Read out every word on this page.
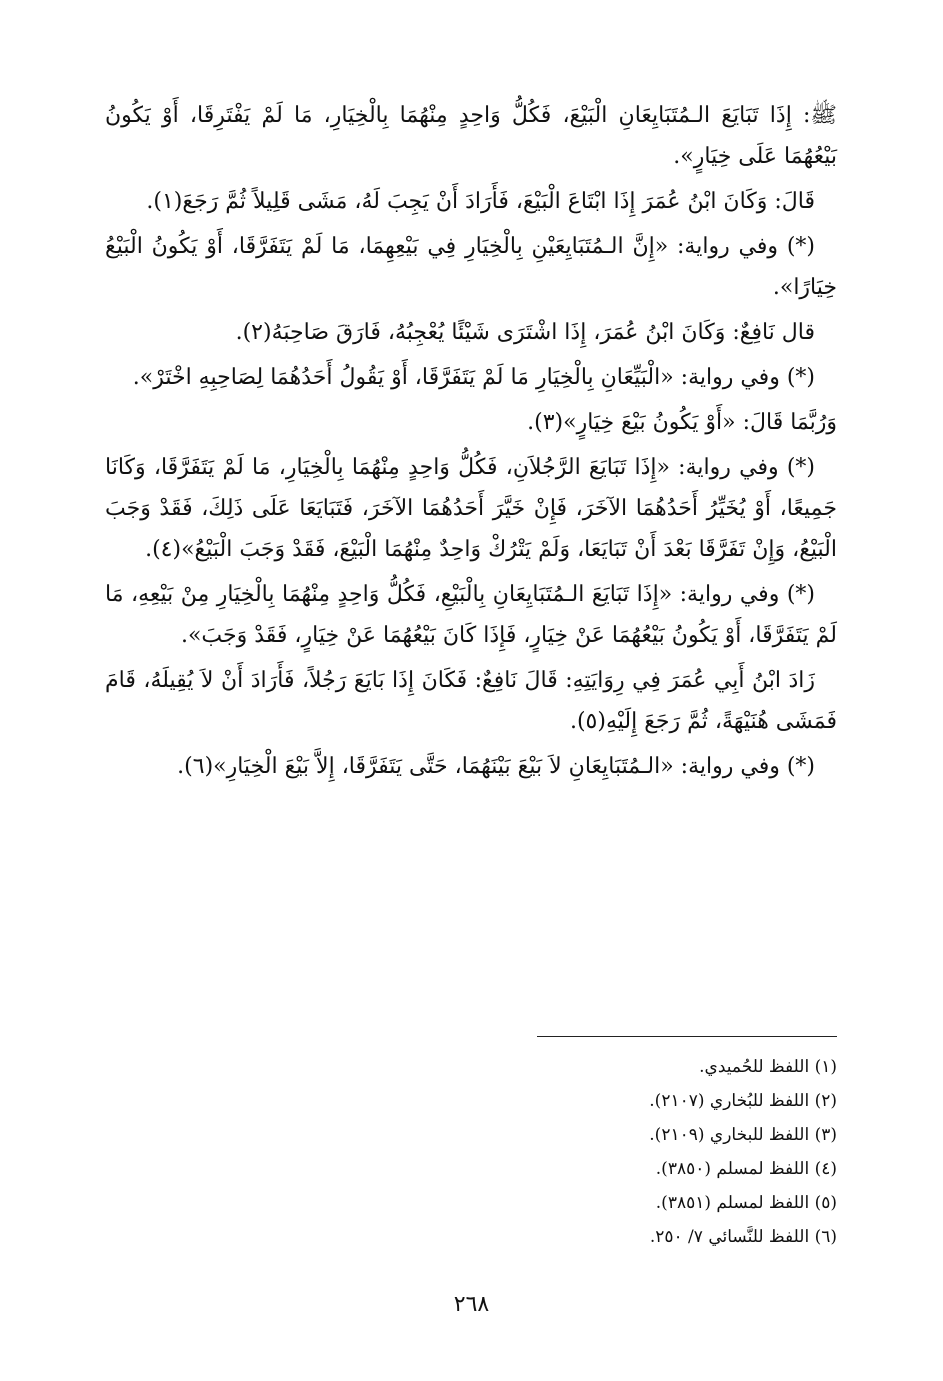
ﷺ: إِذَا تَبَايَعَ الـمُتَبَايِعَانِ الْبَيْعَ، فَكُلُّ وَاحِدٍ مِنْهُمَا بِالْخِيَارِ، مَا لَمْ يَفْتَرِقَا، أَوْ يَكُونُ بَيْعُهُمَا عَلَى خِيَارٍ».

قَالَ: وَكَانَ ابْنُ عُمَرَ إِذَا ابْتَاعَ الْبَيْعَ، فَأَرَادَ أَنْ يَجِبَ لَهُ، مَشَى قَلِيلاً ثُمَّ رَجَعَ(١).

(*) وفي رواية: «إِنَّ الـمُتَبَايِعَيْنِ بِالْخِيَارِ فِي بَيْعِهِمَا، مَا لَمْ يَتَفَرَّقَا، أَوْ يَكُونُ الْبَيْعُ خِيَارًا».

قال نَافِعٌ: وَكَانَ ابْنُ عُمَرَ، إِذَا اشْتَرَى شَيْئًا يُعْجِبُهُ، فَارَقَ صَاحِبَهُ(٢).

(*) وفي رواية: «الْبَيِّعَانِ بِالْخِيَارِ مَا لَمْ يَتَفَرَّقَا، أَوْ يَقُولُ أَحَدُهُمَا لِصَاحِبِهِ اخْتَرْ».

وَرُبَّمَا قَالَ: «أَوْ يَكُونُ بَيْعَ خِيَارٍ»(٣).

(*) وفي رواية: «إِذَا تَبَايَعَ الرَّجُلاَنِ، فَكُلُّ وَاحِدٍ مِنْهُمَا بِالْخِيَارِ، مَا لَمْ يَتَفَرَّقَا، وَكَانَا جَمِيعًا، أَوْ يُخَيِّرُ أَحَدُهُمَا الآخَرَ، فَإِنْ خَيَّرَ أَحَدُهُمَا الآخَرَ، فَتَبَايَعَا عَلَى ذَلِكَ، فَقَدْ وَجَبَ الْبَيْعُ، وَإِنْ تَفَرَّقَا بَعْدَ أَنْ تَبَايَعَا، وَلَمْ يَتْرُكْ وَاحِدٌ مِنْهُمَا الْبَيْعَ، فَقَدْ وَجَبَ الْبَيْعُ»(٤).

(*) وفي رواية: «إِذَا تَبَايَعَ الـمُتَبَايِعَانِ بِالْبَيْعِ، فَكُلُّ وَاحِدٍ مِنْهُمَا بِالْخِيَارِ مِنْ بَيْعِهِ، مَا لَمْ يَتَفَرَّقَا، أَوْ يَكُونُ بَيْعُهُمَا عَنْ خِيَارٍ، فَإِذَا كَانَ بَيْعُهُمَا عَنْ خِيَارٍ، فَقَدْ وَجَبَ».

زَادَ ابْنُ أَبِي عُمَرَ فِي رِوَايَتِهِ: قَالَ نَافِعٌ: فَكَانَ إِذَا بَايَعَ رَجُلاً، فَأَرَادَ أَنْ لاَ يُقِيلَهُ، قَامَ فَمَشَى هُنَيْهَةً، ثُمَّ رَجَعَ إِلَيْهِ(٥).

(*) وفي رواية: «الـمُتَبَايِعَانِ لاَ بَيْعَ بَيْنَهُمَا، حَتَّى يَتَفَرَّقَا، إِلاَّ بَيْعَ الْخِيَارِ»(٦).

(١) اللفظ للحُميدي.
(٢) اللفظ للبُخاري (٢١٠٧).
(٣) اللفظ للبخاري (٢١٠٩).
(٤) اللفظ لمسلم (٣٨٥٠).
(٥) اللفظ لمسلم (٣٨٥١).
(٦) اللفظ للنَّسائي ٧/ ٢٥٠.
٢٦٨
